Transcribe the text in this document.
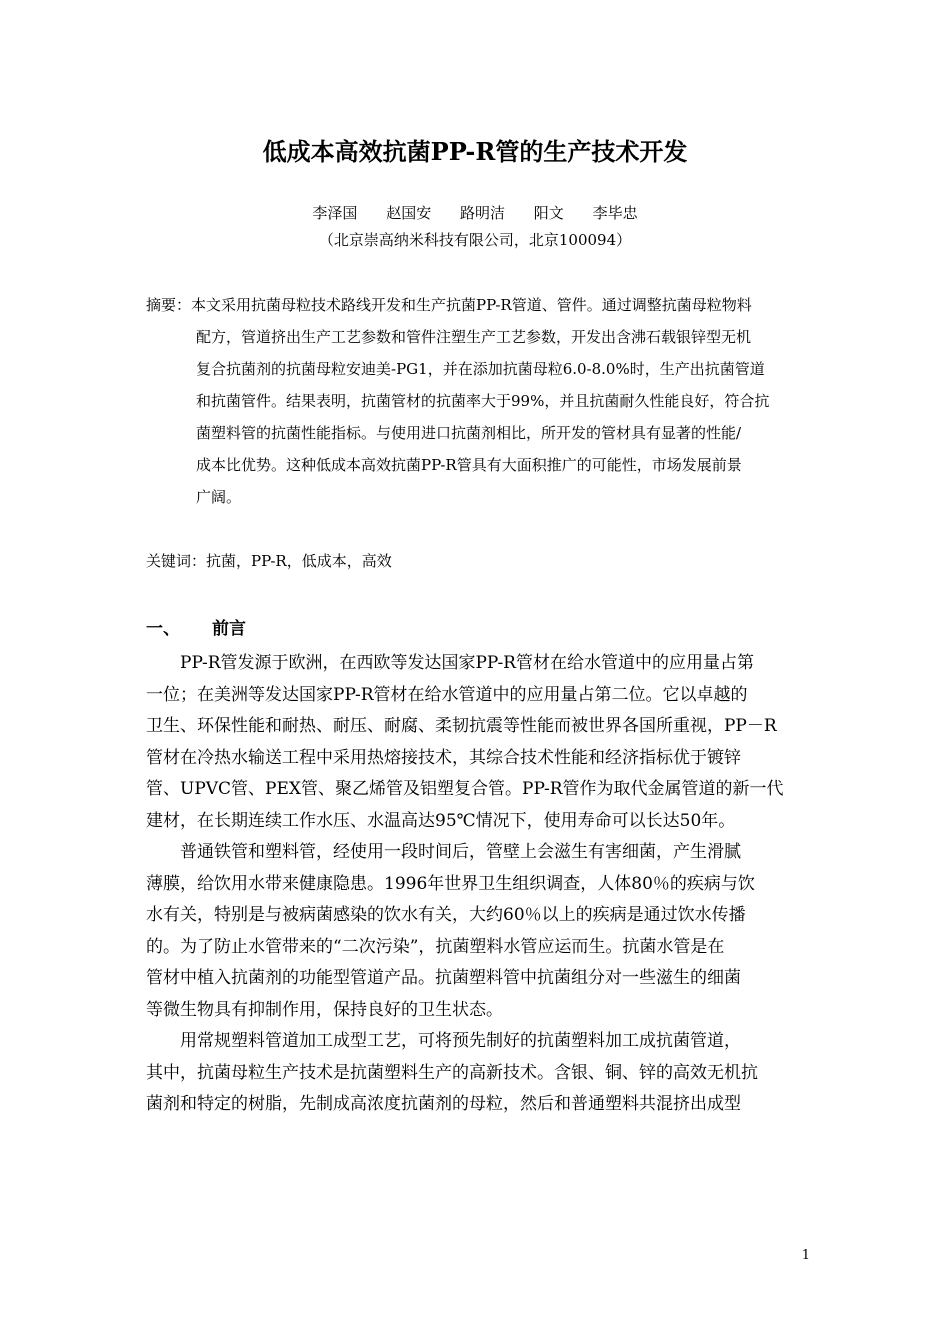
低成本高效抗菌PP-R管的生产技术开发
李泽国 赵国安 路明洁 阳文 李毕忠
（北京崇高纳米科技有限公司，北京100094）
摘要：本文采用抗菌母粒技术路线开发和生产抗菌PP-R管道、管件。通过调整抗菌母粒物料
配方，管道挤出生产工艺参数和管件注塑生产工艺参数，开发出含沸石载银锌型无机
复合抗菌剂的抗菌母粒安迪美-PG1，并在添加抗菌母粒6.0-8.0%时，生产出抗菌管道
和抗菌管件。结果表明，抗菌管材的抗菌率大于99%，并且抗菌耐久性能良好，符合抗
菌塑料管的抗菌性能指标。与使用进口抗菌剂相比，所开发的管材具有显著的性能/
成本比优势。这种低成本高效抗菌PP-R管具有大面积推广的可能性，市场发展前景
广阔。
关键词：抗菌，PP-R，低成本，高效
一、 前言
　　PP-R管发源于欧洲，在西欧等发达国家PP-R管材在给水管道中的应用量占第
一位；在美洲等发达国家PP-R管材在给水管道中的应用量占第二位。它以卓越的
卫生、环保性能和耐热、耐压、耐腐、柔韧抗震等性能而被世界各国所重视，PP－R
管材在冷热水输送工程中采用热熔接技术，其综合技术性能和经济指标优于镀锌
管、UPVC管、PEX管、聚乙烯管及铝塑复合管。PP-R管作为取代金属管道的新一代
建材，在长期连续工作水压、水温高达95℃情况下，使用寿命可以长达50年。
　　普通铁管和塑料管，经使用一段时间后，管壁上会滋生有害细菌，产生滑腻
薄膜，给饮用水带来健康隐患。1996年世界卫生组织调查，人体80％的疾病与饮
水有关，特别是与被病菌感染的饮水有关，大约60％以上的疾病是通过饮水传播
的。为了防止水管带来的“二次污染”，抗菌塑料水管应运而生。抗菌水管是在
管材中植入抗菌剂的功能型管道产品。抗菌塑料管中抗菌组分对一些滋生的细菌
等微生物具有抑制作用，保持良好的卫生状态。
　　用常规塑料管道加工成型工艺，可将预先制好的抗菌塑料加工成抗菌管道，
其中，抗菌母粒生产技术是抗菌塑料生产的高新技术。含银、铜、锌的高效无机抗
菌剂和特定的树脂，先制成高浓度抗菌剂的母粒，然后和普通塑料共混挤出成型
1
